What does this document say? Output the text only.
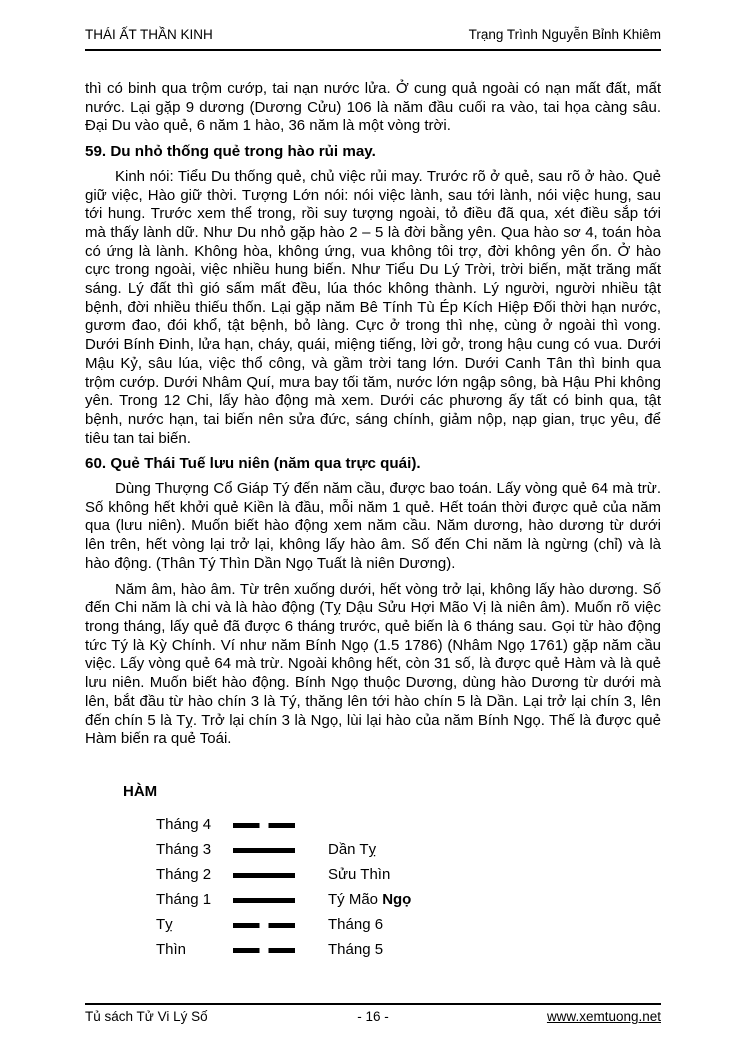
THÁI ẤT THẦN KINH	Trạng Trình Nguyễn Bỉnh Khiêm

thì có binh qua trộm cướp, tai nạn nước lửa. Ở cung quả ngoài có nạn mất đất, mất nước. Lại gặp 9 dương (Dương Cửu) 106 là năm đầu cuối ra vào, tai họa càng sâu. Đại Du vào quẻ, 6 năm 1 hào, 36 năm là một vòng trời.

59. Du nhỏ thống quẻ trong hào rủi may.

Kinh nói: Tiểu Du thống quẻ, chủ việc rủi may. Trước rõ ở quẻ, sau rõ ở hào. Quẻ giữ việc, Hào giữ thời. Tượng Lớn nói: nói việc lành, sau tới lành, nói việc hung, sau tới hung. Trước xem thể trong, rồi suy tượng ngoài, tỏ điều đã qua, xét điều sắp tới mà thấy lành dữ. Như Du nhỏ gặp hào 2 – 5 là đời bằng yên. Qua hào sơ 4, toán hòa có ứng là lành. Không hòa, không ứng, vua không tôi trợ, đời không yên ổn. Ở hào cực trong ngoài, việc nhiều hung biến. Như Tiểu Du Lý Trời, trời biến, mặt trăng mất sáng. Lý đất thì gió sấm mất đều, lúa thóc không thành. Lý người, người nhiều tật bệnh, đời nhiều thiếu thốn. Lại gặp năm Bê Tính Tù Ép Kích Hiệp Đối thời hạn nước, gươm đao, đói khổ, tật bệnh, bỏ làng. Cực ở trong thì nhẹ, cùng ở ngoài thì vong. Dưới Bính Đinh, lửa hạn, cháy, quái, miệng tiếng, lời gở, trong hậu cung có vua. Dưới Mậu Kỷ, sâu lúa, việc thổ công, và gầm trời tang lớn. Dưới Canh Tân thì binh qua trộm cướp. Dưới Nhâm Quí, mưa bay tối tăm, nước lớn ngập sông, bà Hậu Phi không yên. Trong 12 Chi, lấy hào động mà xem. Dưới các phương ấy tất có binh qua, tật bệnh, nước hạn, tai biến nên sửa đức, sáng chính, giảm nộp, nạp gian, trục yêu, để tiêu tan tai biến.

60. Quẻ Thái Tuế lưu niên (năm qua trực quái).

Dùng Thượng Cổ Giáp Tý đến năm cầu, được bao toán. Lấy vòng quẻ 64 mà trừ. Số không hết khởi quẻ Kiền là đầu, mỗi năm 1 quẻ. Hết toán thời được quẻ của năm qua (lưu niên). Muốn biết hào động xem năm cầu. Năm dương, hào dương từ dưới lên trên, hết vòng lại trở lại, không lấy hào âm. Số đến Chi năm là ngừng (chỉ) và là hào động. (Thân Tý Thìn Dần Ngọ Tuất là niên Dương).

Năm âm, hào âm. Từ trên xuống dưới, hết vòng trở lại, không lấy hào dương. Số đến Chi năm là chi và là hào động (Tỵ Dậu Sửu Hợi Mão Vị là niên âm). Muốn rõ việc trong tháng, lấy quẻ đã được 6 tháng trước, quẻ biến là 6 tháng sau. Gọi từ hào động tức Tý là Kỳ Chính. Ví như năm Bính Ngọ (1.5 1786) (Nhâm Ngọ 1761) gặp năm cầu việc. Lấy vòng quẻ 64 mà trừ. Ngoài không hết, còn 31 số, là được quẻ Hàm và là quẻ lưu niên. Muốn biết hào động. Bính Ngọ thuộc Dương, dùng hào Dương từ dưới mà lên, bắt đầu từ hào chín 3 là Tý, thăng lên tới hào chín 5 là Dần. Lại trở lại chín 3, lên đến chín 5 là Tỵ. Trở lại chín 3 là Ngọ, lùi lại hào của năm Bính Ngọ. Thế là được quẻ Hàm biến ra quẻ Toái.

HÀM
Tháng 4
Tháng 3	Dần Tỵ
Tháng 2	Sửu Thìn
Tháng 1	Tý Mão Ngọ
Tỵ	Tháng 6
Thìn	Tháng 5
Tủ sách Tử Vi Lý Số	- 16 -	www.xemtuong.net
